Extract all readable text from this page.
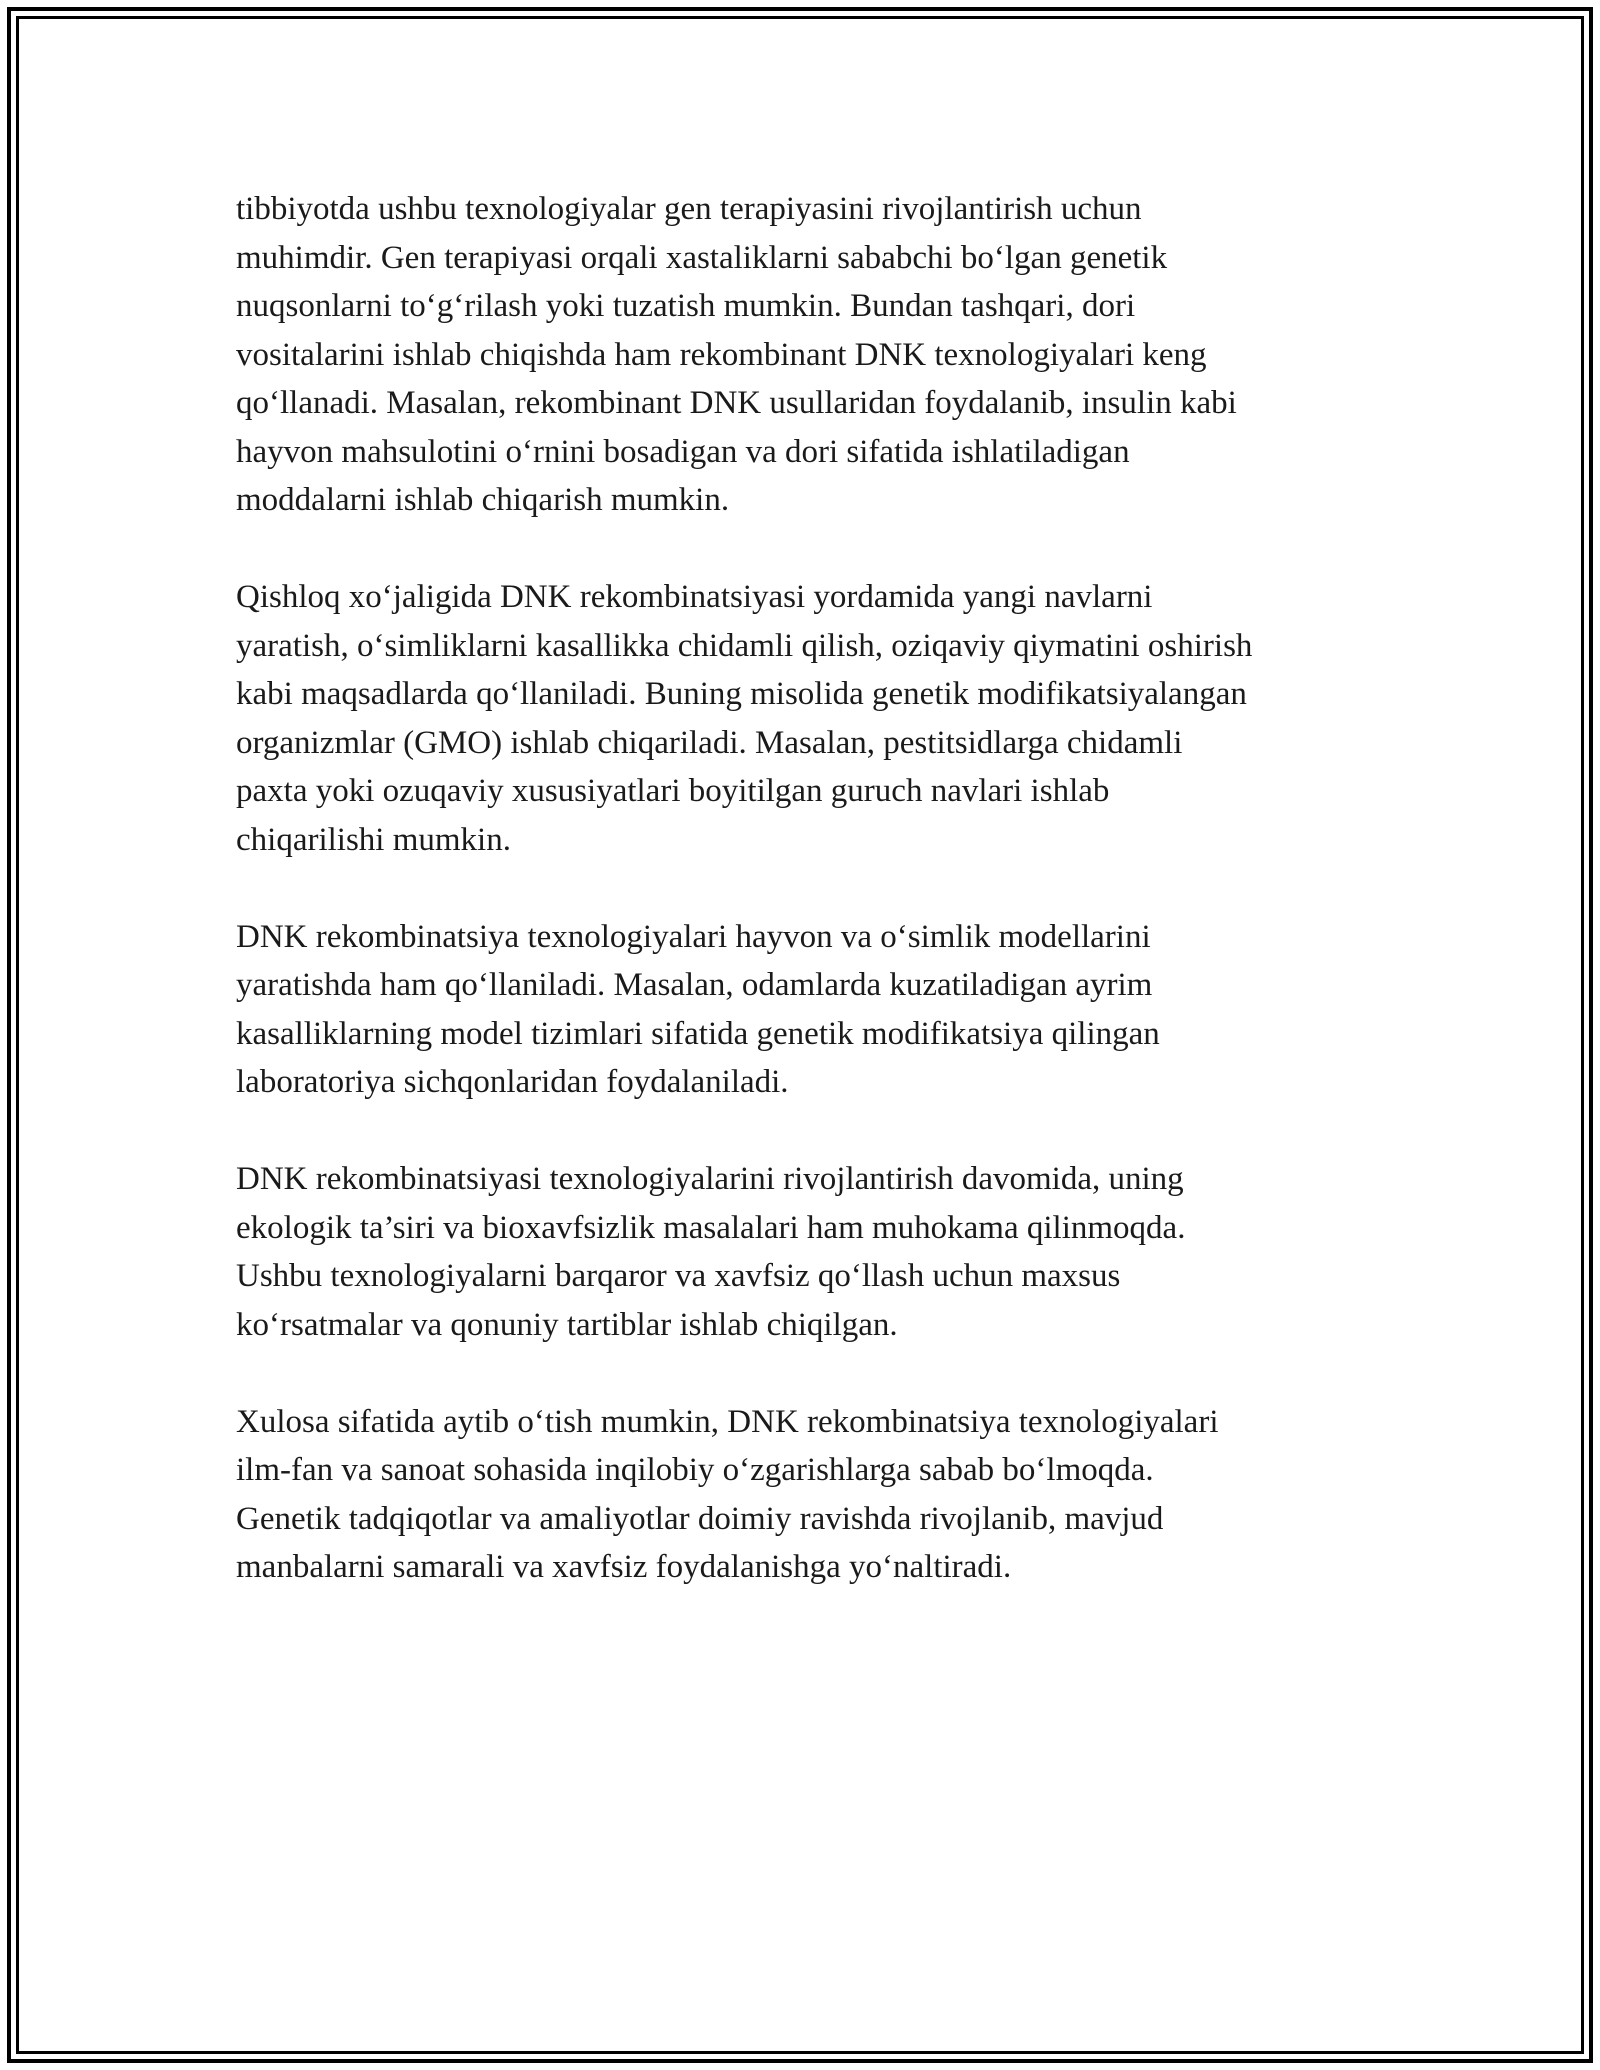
tibbiyotda ushbu texnologiyalar gen terapiyasini rivojlantirish uchun
muhimdir. Gen terapiyasi orqali xastaliklarni sababchi bo‘lgan genetik
nuqsonlarni to‘g‘rilash yoki tuzatish mumkin. Bundan tashqari, dori
vositalarini ishlab chiqishda ham rekombinant DNK texnologiyalari keng
qo‘llanadi. Masalan, rekombinant DNK usullaridan foydalanib, insulin kabi
hayvon mahsulotini o‘rnini bosadigan va dori sifatida ishlatiladigan
moddalarni ishlab chiqarish mumkin.

Qishloq xo‘jaligida DNK rekombinatsiyasi yordamida yangi navlarni
yaratish, o‘simliklarni kasallikka chidamli qilish, oziqaviy qiymatini oshirish
kabi maqsadlarda qo‘llaniladi. Buning misolida genetik modifikatsiyalangan
organizmlar (GMO) ishlab chiqariladi. Masalan, pestitsidlarga chidamli
paxta yoki ozuqaviy xususiyatlari boyitilgan guruch navlari ishlab
chiqarilishi mumkin.

DNK rekombinatsiya texnologiyalari hayvon va o‘simlik modellarini
yaratishda ham qo‘llaniladi. Masalan, odamlarda kuzatiladigan ayrim
kasalliklarning model tizimlari sifatida genetik modifikatsiya qilingan
laboratoriya sichqonlaridan foydalaniladi.

DNK rekombinatsiyasi texnologiyalarini rivojlantirish davomida, uning
ekologik ta’siri va bioxavfsizlik masalalari ham muhokama qilinmoqda.
Ushbu texnologiyalarni barqaror va xavfsiz qo‘llash uchun maxsus
ko‘rsatmalar va qonuniy tartiblar ishlab chiqilgan.

Xulosa sifatida aytib o‘tish mumkin, DNK rekombinatsiya texnologiyalari
ilm-fan va sanoat sohasida inqilobiy o‘zgarishlarga sabab bo‘lmoqda.
Genetik tadqiqotlar va amaliyotlar doimiy ravishda rivojlanib, mavjud
manbalarni samarali va xavfsiz foydalanishga yo‘naltiradi.
